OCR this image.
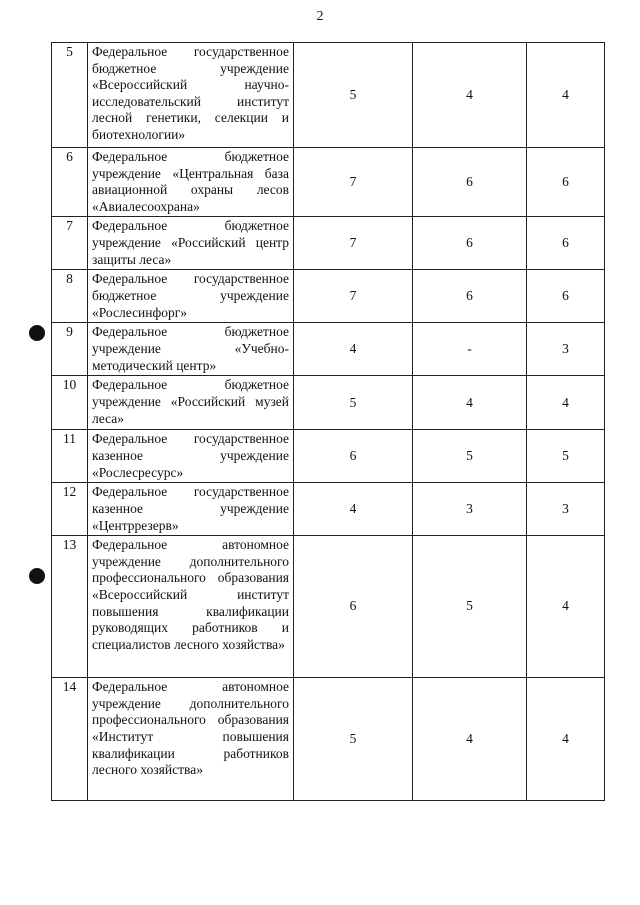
2
5	Федеральное государственное бюджетное учреждение «Всероссийский научно-исследовательский институт лесной генетики, селекции и биотехнологии»	5	4	4
6	Федеральное бюджетное учреждение «Центральная база авиационной охраны лесов «Авиалесоохрана»	7	6	6
7	Федеральное бюджетное учреждение «Российский центр защиты леса»	7	6	6
8	Федеральное государственное бюджетное учреждение «Рослесинфорг»	7	6	6
9	Федеральное бюджетное учреждение «Учебно-методический центр»	4	-	3
10	Федеральное бюджетное учреждение «Российский музей леса»	5	4	4
11	Федеральное государственное казенное учреждение «Рослесресурс»	6	5	5
12	Федеральное государственное казенное учреждение «Центррезерв»	4	3	3
13	Федеральное автономное учреждение дополнительного профессионального образования «Всероссийский институт повышения квалификации руководящих работников и специалистов лесного хозяйства»	6	5	4
14	Федеральное автономное учреждение дополнительного профессионального образования «Институт повышения квалификации работников лесного хозяйства»	5	4	4
